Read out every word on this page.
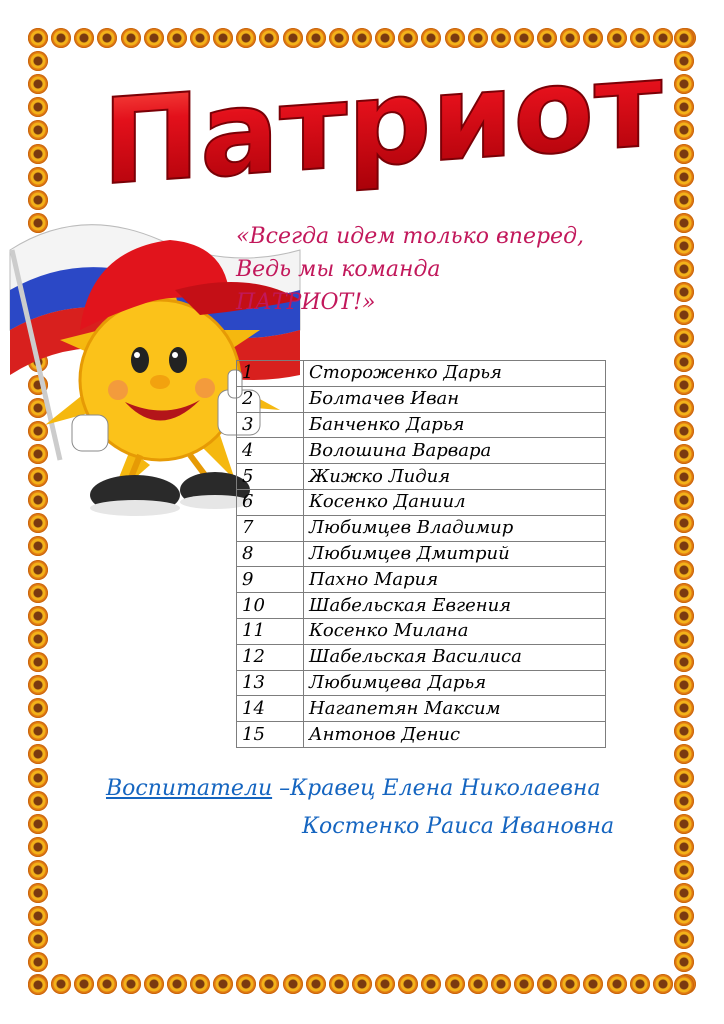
Патриот
«Всегда идем только вперед,
Ведь мы команда
ПАТРИОТ!»
1	Стороженко Дарья
2	Болтачев Иван
3	Банченко Дарья
4	Волошина Варвара
5	Жижко Лидия
6	Косенко Даниил
7	Любимцев Владимир
8	Любимцев Дмитрий
9	Пахно Мария
10	Шабельская Евгения
11	Косенко Милана
12	Шабельская Василиса
13	Любимцева Дарья
14	Нагапетян Максим
15	Антонов Денис
Воспитатели –Кравец Елена Николаевна
Костенко Раиса Ивановна
